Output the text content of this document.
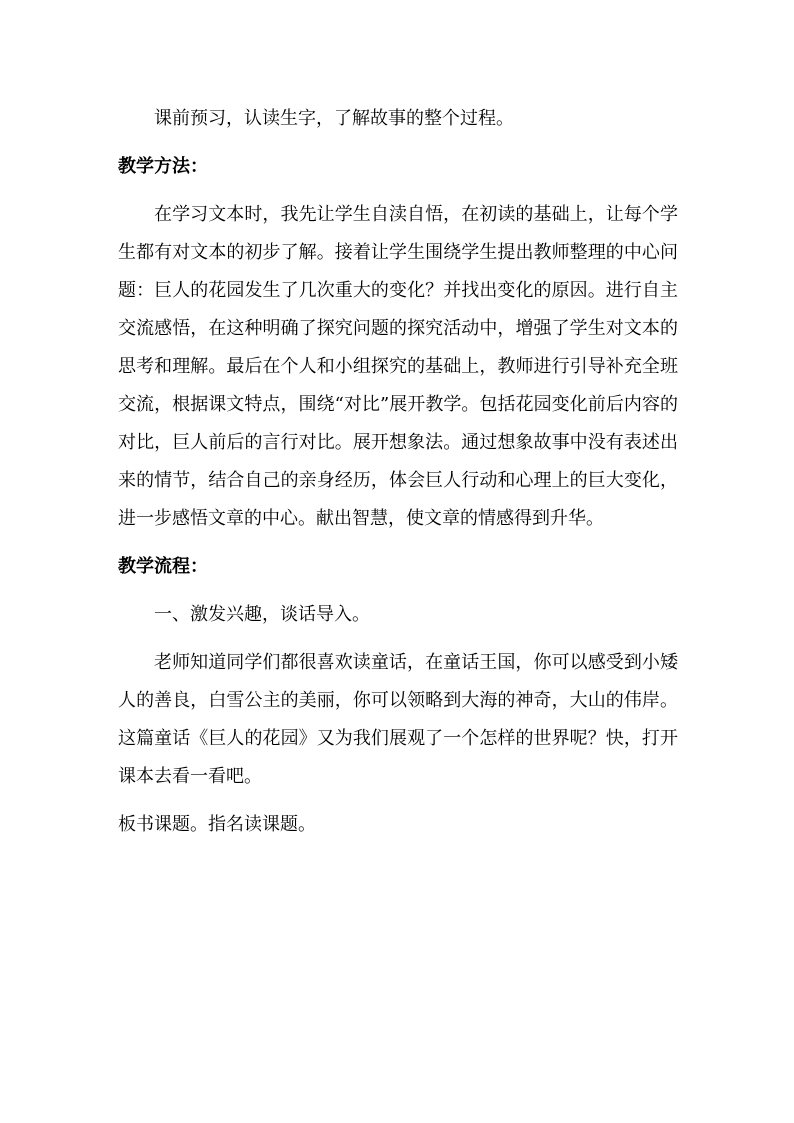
课前预习，认读生字，了解故事的整个过程。

教学方法：

在学习文本时，我先让学生自渎自悟，在初读的基础上，让每个学生都有对文本的初步了解。接着让学生围绕学生提出教师整理的中心问题：巨人的花园发生了几次重大的变化？并找出变化的原因。进行自主交流感悟，在这种明确了探究问题的探究活动中，增强了学生对文本的思考和理解。最后在个人和小组探究的基础上，教师进行引导补充全班交流，根据课文特点，围绕“对比”展开教学。包括花园变化前后内容的对比，巨人前后的言行对比。展开想象法。通过想象故事中没有表述出来的情节，结合自己的亲身经历，体会巨人行动和心理上的巨大变化，进一步感悟文章的中心。献出智慧，使文章的情感得到升华。

教学流程：

一、激发兴趣，谈话导入。

老师知道同学们都很喜欢读童话，在童话王国，你可以感受到小矮人的善良，白雪公主的美丽，你可以领略到大海的神奇，大山的伟岸。这篇童话《巨人的花园》又为我们展观了一个怎样的世界呢？快，打开课本去看一看吧。

板书课题。指名读课题。
